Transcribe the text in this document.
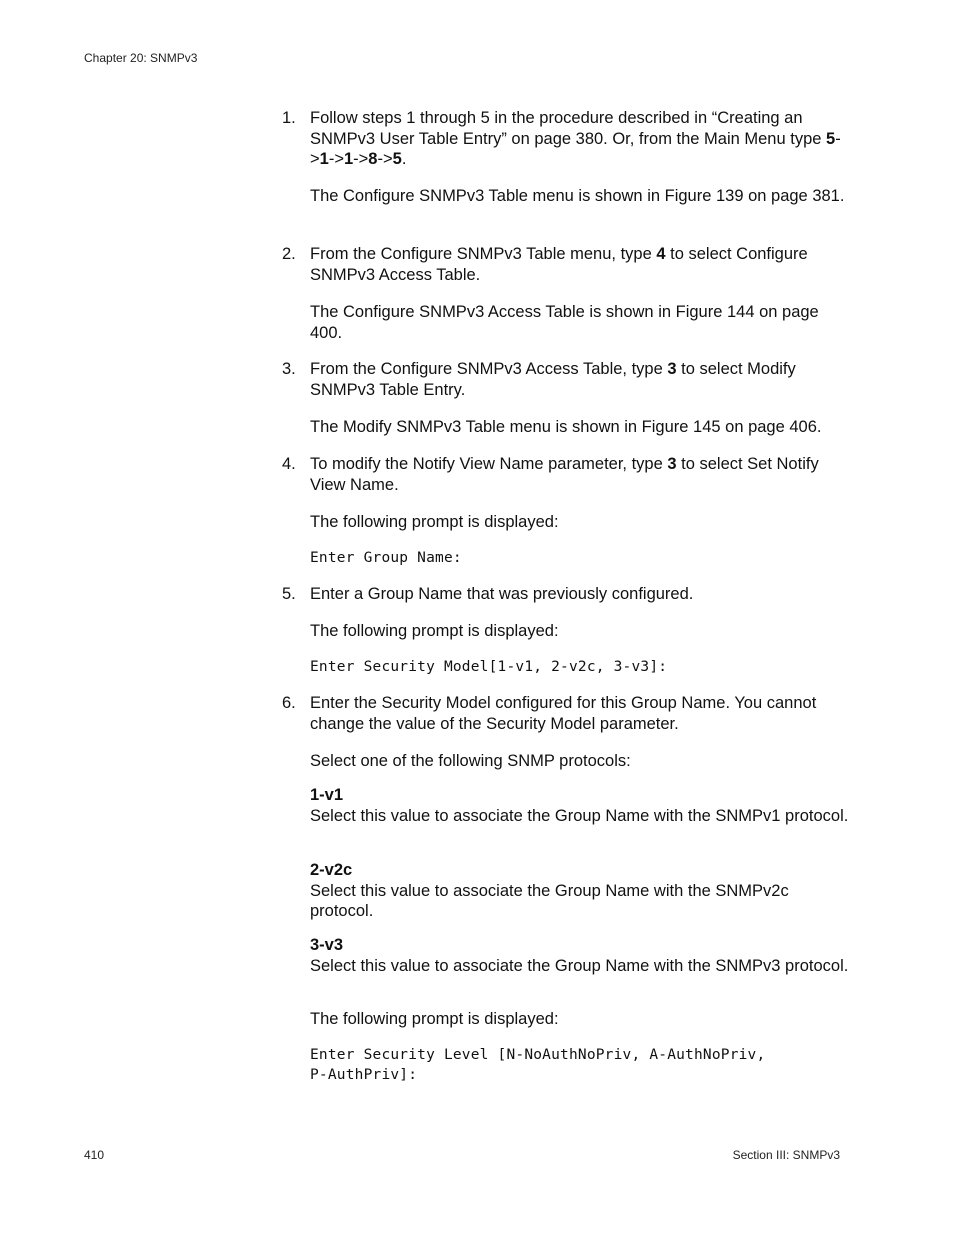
Chapter 20: SNMPv3
1. Follow steps 1 through 5 in the procedure described in “Creating an SNMPv3 User Table Entry” on page 380. Or, from the Main Menu type 5->1->1->8->5.
The Configure SNMPv3 Table menu is shown in Figure 139 on page 381.
2. From the Configure SNMPv3 Table menu, type 4 to select Configure SNMPv3 Access Table.
The Configure SNMPv3 Access Table is shown in Figure 144 on page 400.
3. From the Configure SNMPv3 Access Table, type 3 to select Modify SNMPv3 Table Entry.
The Modify SNMPv3 Table menu is shown in Figure 145 on page 406.
4. To modify the Notify View Name parameter, type 3 to select Set Notify View Name.
The following prompt is displayed:
Enter Group Name:
5. Enter a Group Name that was previously configured.
The following prompt is displayed:
Enter Security Model[1-v1, 2-v2c, 3-v3]:
6. Enter the Security Model configured for this Group Name. You cannot change the value of the Security Model parameter.
Select one of the following SNMP protocols:
1-v1
Select this value to associate the Group Name with the SNMPv1 protocol.
2-v2c
Select this value to associate the Group Name with the SNMPv2c protocol.
3-v3
Select this value to associate the Group Name with the SNMPv3 protocol.
The following prompt is displayed:
Enter Security Level [N-NoAuthNoPriv, A-AuthNoPriv,
P-AuthPriv]:
410	Section III: SNMPv3
